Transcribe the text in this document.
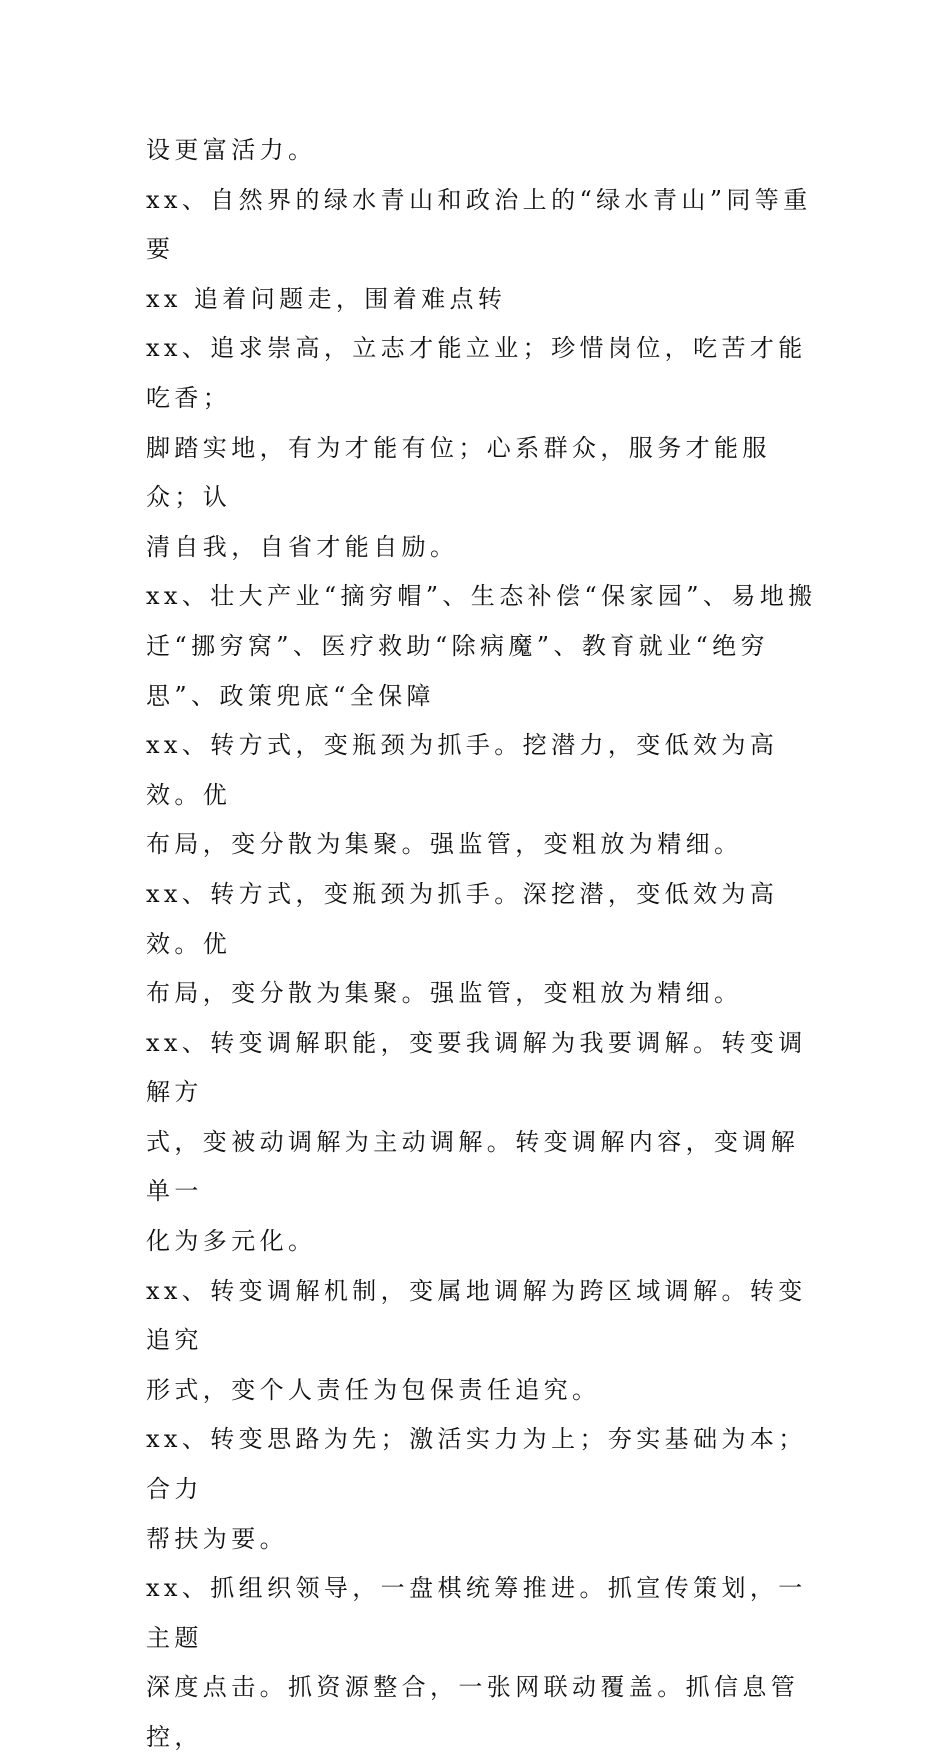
设更富活力。

xx、自然界的绿水青山和政治上的“绿水青山”同等重要

xx 追着问题走，围着难点转

xx、追求崇高，立志才能立业；珍惜岗位，吃苦才能吃香；
脚踏实地，有为才能有位；心系群众，服务才能服众；认
清自我，自省才能自励。

xx、壮大产业“摘穷帽”、生态补偿“保家园”、易地搬
迁“挪穷窝”、医疗救助“除病魔”、教育就业“绝穷
思”、政策兜底“全保障

xx、转方式，变瓶颈为抓手。挖潜力，变低效为高效。优
布局，变分散为集聚。强监管，变粗放为精细。

xx、转方式，变瓶颈为抓手。深挖潜，变低效为高效。优
布局，变分散为集聚。强监管，变粗放为精细。

xx、转变调解职能，变要我调解为我要调解。转变调解方
式，变被动调解为主动调解。转变调解内容，变调解单一
化为多元化。

xx、转变调解机制，变属地调解为跨区域调解。转变追究
形式，变个人责任为包保责任追究。

xx、转变思路为先；激活实力为上；夯实基础为本；合力
帮扶为要。

xx、抓组织领导，一盘棋统筹推进。抓宣传策划，一主题
深度点击。抓资源整合，一张网联动覆盖。抓信息管控，
